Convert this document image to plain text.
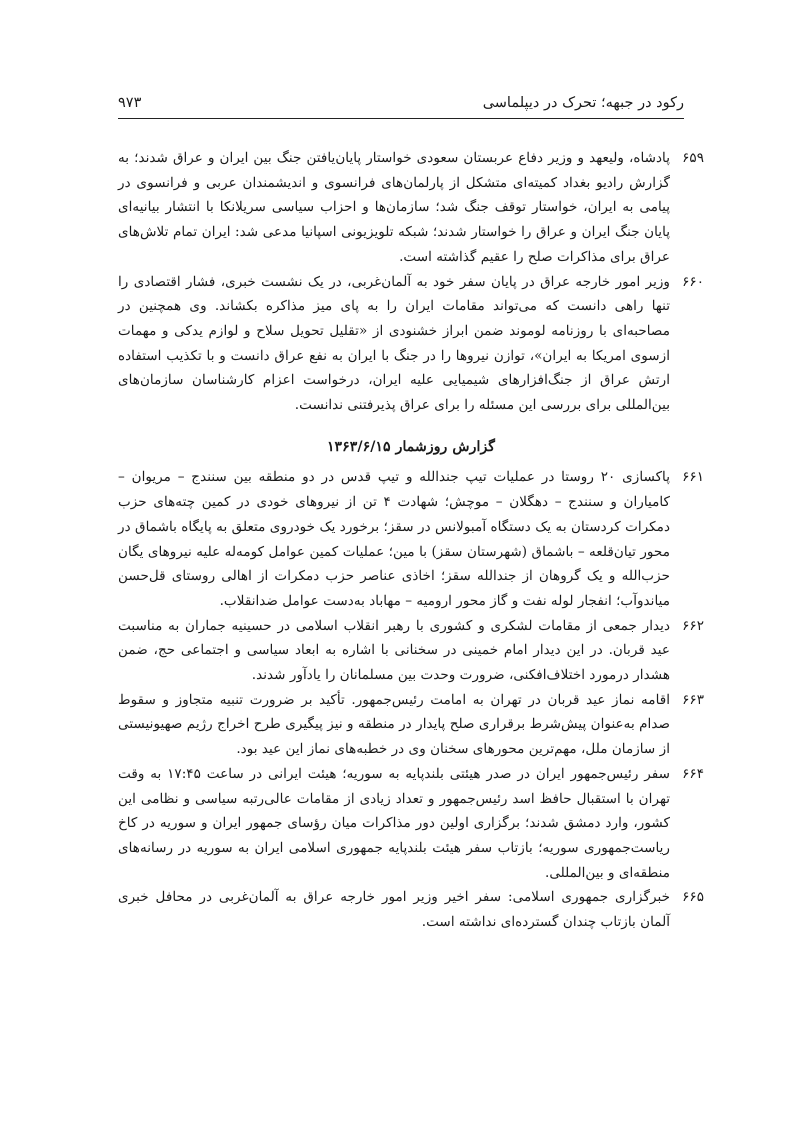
رکود در جبهه؛ تحرک در دیپلماسی
۹۷۳
۶۵۹
پادشاه، ولیعهد و وزیر دفاع عربستان سعودی خواستار پایان‌یافتن جنگ بین ایران و عراق شدند؛ به گزارش رادیو بغداد کمیته‌ای متشکل از پارلمان‌های فرانسوی و اندیشمندان عربی و فرانسوی در پیامی به ایران، خواستار توقف جنگ شد؛ سازمان‌ها و احزاب سیاسی سریلانکا با انتشار بیانیه‌ای پایان جنگ ایران و عراق را خواستار شدند؛ شبکه تلویزیونی اسپانیا مدعی شد: ایران تمام تلاش‌های عراق برای مذاکرات صلح را عقیم گذاشته است.
۶۶۰
وزیر امور خارجه عراق در پایان سفر خود به آلمان‌غربی، در یک نشست خبری، فشار اقتصادی را تنها راهی دانست که می‌تواند مقامات ایران را به پای میز مذاکره بکشاند. وی همچنین در مصاحبه‌ای با روزنامه لوموند ضمن ابراز خشنودی از «تقلیل تحویل سلاح و لوازم یدکی و مهمات ازسوی امریکا به ایران»، توازن نیروها را در جنگ با ایران به نفع عراق دانست و با تکذیب استفاده ارتش عراق از جنگ‌افزارهای شیمیایی علیه ایران، درخواست اعزام کارشناسان سازمان‌های بین‌المللی برای بررسی این مسئله را برای عراق پذیرفتنی ندانست.
گزارش روزشمار ۱۳۶۳/۶/۱۵
۶۶۱
پاکسازی ۲۰ روستا در عملیات تیپ جندالله و تیپ قدس در دو منطقه بین سنندج – مریوان – کامیاران و سنندج – دهگلان – موچش؛ شهادت ۴ تن از نیروهای خودی در کمین چته‌های حزب دمکرات کردستان به یک دستگاه آمبولانس در سقز؛ برخورد یک خودروی متعلق به پایگاه باشماق در محور تیان‌قلعه – باشماق (شهرستان سقز) با مین؛ عملیات کمین عوامل کومه‌له علیه نیروهای یگان حزب‌الله و یک گروهان از جندالله سقز؛ اخاذی عناصر حزب دمکرات از اهالی روستای قل‌حسن میاندوآب؛ انفجار لوله نفت و گاز محور ارومیه – مهاباد به‌دست عوامل ضدانقلاب.
۶۶۲
دیدار جمعی از مقامات لشکری و کشوری با رهبر انقلاب اسلامی در حسینیه جماران به مناسبت عید قربان. در این دیدار امام خمینی در سخنانی با اشاره به ابعاد سیاسی و اجتماعی حج، ضمن هشدار درمورد اختلاف‌افکنی، ضرورت وحدت بین مسلمانان را یادآور شدند.
۶۶۳
اقامه نماز عید قربان در تهران به امامت رئیس‌جمهور. تأکید بر ضرورت تنبیه متجاوز و سقوط صدام به‌عنوان پیش‌شرط برقراری صلح پایدار در منطقه و نیز پیگیری طرح اخراج رژیم صهیونیستی از سازمان ملل، مهم‌ترین محورهای سخنان وی در خطبه‌های نماز این عید بود.
۶۶۴
سفر رئیس‌جمهور ایران در صدر هیئتی بلندپایه به سوریه؛ هیئت ایرانی در ساعت ۱۷:۴۵ به وقت تهران با استقبال حافظ اسد رئیس‌جمهور و تعداد زیادی از مقامات عالی‌رتبه سیاسی و نظامی این کشور، وارد دمشق شدند؛ برگزاری اولین دور مذاکرات میان رؤسای جمهور ایران و سوریه در کاخ ریاست‌جمهوری سوریه؛ بازتاب سفر هیئت بلندپایه جمهوری اسلامی ایران به سوریه در رسانه‌های منطقه‌ای و بین‌المللی.
۶۶۵
خبرگزاری جمهوری اسلامی: سفر اخیر وزیر امور خارجه عراق به آلمان‌غربی در محافل خبری آلمان بازتاب چندان گسترده‌ای نداشته است.
